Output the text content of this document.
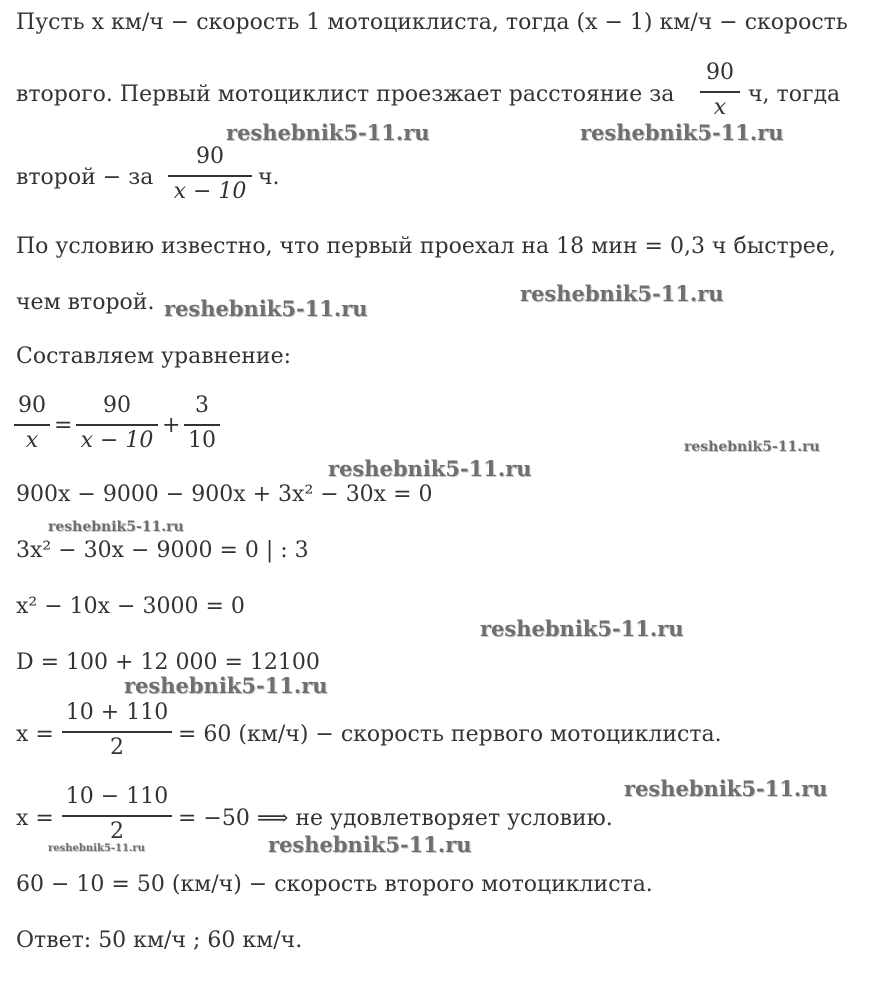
Пусть x км/ч − скорость 1 мотоциклиста, тогда (x − 1) км/ч − скорость
второго. Первый мотоциклист проезжает расстояние за
90
x
ч, тогда
второй − за
90
x − 10
ч.
По условию известно, что первый проехал на 18 мин = 0,3 ч быстрее,
чем второй.
Составляем уравнение:
90
x
=
90
x − 10
+
3
10
900x − 9000 − 900x + 3x² − 30x = 0
3x² − 30x − 9000 = 0 | : 3
x² − 10x − 3000 = 0
D = 100 + 12 000 = 12100
x =
10 + 110
2
= 60 (км/ч) − скорость первого мотоциклиста.
x =
10 − 110
2
= −50 ⟹ не удовлетворяет условию.
60 − 10 = 50 (км/ч) − скорость второго мотоциклиста.
Ответ: 50 км/ч ; 60 км/ч.
reshebnik5-11.ru	reshebnik5-11.ru
reshebnik5-11.ru
reshebnik5-11.ru
reshebnik5-11.ru
reshebnik5-11.ru
reshebnik5-11.ru
reshebnik5-11.ru
reshebnik5-11.ru
reshebnik5-11.ru
reshebnik5-11.ru
reshebnik5-11.ru
